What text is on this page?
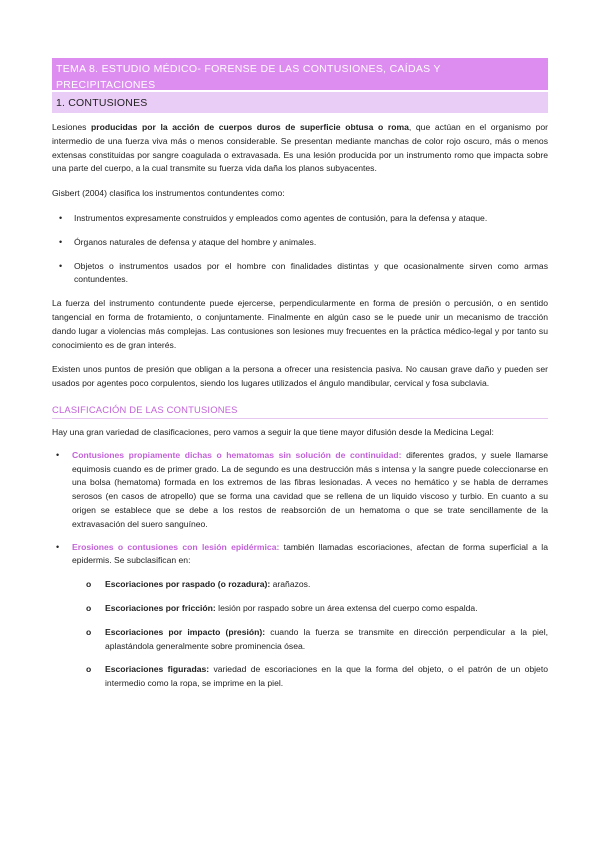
TEMA 8. ESTUDIO MÉDICO- FORENSE DE LAS CONTUSIONES, CAÍDAS Y PRECIPITACIONES
1. CONTUSIONES

Lesiones producidas por la acción de cuerpos duros de superficie obtusa o roma, que actúan en el organismo por intermedio de una fuerza viva más o menos considerable. Se presentan mediante manchas de color rojo oscuro, más o menos extensas constituidas por sangre coagulada o extravasada. Es una lesión producida por un instrumento romo que impacta sobre una parte del cuerpo, a la cual transmite su fuerza vida daña los planos subyacentes.

Gisbert (2004) clasifica los instrumentos contundentes como:

• Instrumentos expresamente construidos y empleados como agentes de contusión, para la defensa y ataque.
• Órganos naturales de defensa y ataque del hombre y animales.
• Objetos o instrumentos usados por el hombre con finalidades distintas y que ocasionalmente sirven como armas contundentes.

La fuerza del instrumento contundente puede ejercerse, perpendicularmente en forma de presión o percusión, o en sentido tangencial en forma de frotamiento, o conjuntamente. Finalmente en algún caso se le puede unir un mecanismo de tracción dando lugar a violencias más complejas. Las contusiones son lesiones muy frecuentes en la práctica médico-legal y por tanto su conocimiento es de gran interés.

Existen unos puntos de presión que obligan a la persona a ofrecer una resistencia pasiva. No causan grave daño y pueden ser usados por agentes poco corpulentos, siendo los lugares utilizados el ángulo mandibular, cervical y fosa subclavia.

CLASIFICACIÓN DE LAS CONTUSIONES

Hay una gran variedad de clasificaciones, pero vamos a seguir la que tiene mayor difusión desde la Medicina Legal:

• Contusiones propiamente dichas o hematomas sin solución de continuidad: diferentes grados, y suele llamarse equimosis cuando es de primer grado. La de segundo es una destrucción más s intensa y la sangre puede coleccionarse en una bolsa (hematoma) formada en los extremos de las fibras lesionadas. A veces no hemático y se habla de derrames serosos (en casos de atropello) que se forma una cavidad que se rellena de un liquido viscoso y turbio. En cuanto a su origen se establece que se debe a los restos de reabsorción de un hematoma o que se trate sencillamente de la extravasación del suero sanguíneo.
• Erosiones o contusiones con lesión epidérmica: también llamadas escoriaciones, afectan de forma superficial a la epidermis. Se subclasifican en:
o Escoriaciones por raspado (o rozadura): arañazos.
o Escoriaciones por fricción: lesión por raspado sobre un área extensa del cuerpo como espalda.
o Escoriaciones por impacto (presión): cuando la fuerza se transmite en dirección perpendicular a la piel, aplastándola generalmente sobre prominencia ósea.
o Escoriaciones figuradas: variedad de escoriaciones en la que la forma del objeto, o el patrón de un objeto intermedio como la ropa, se imprime en la piel.
